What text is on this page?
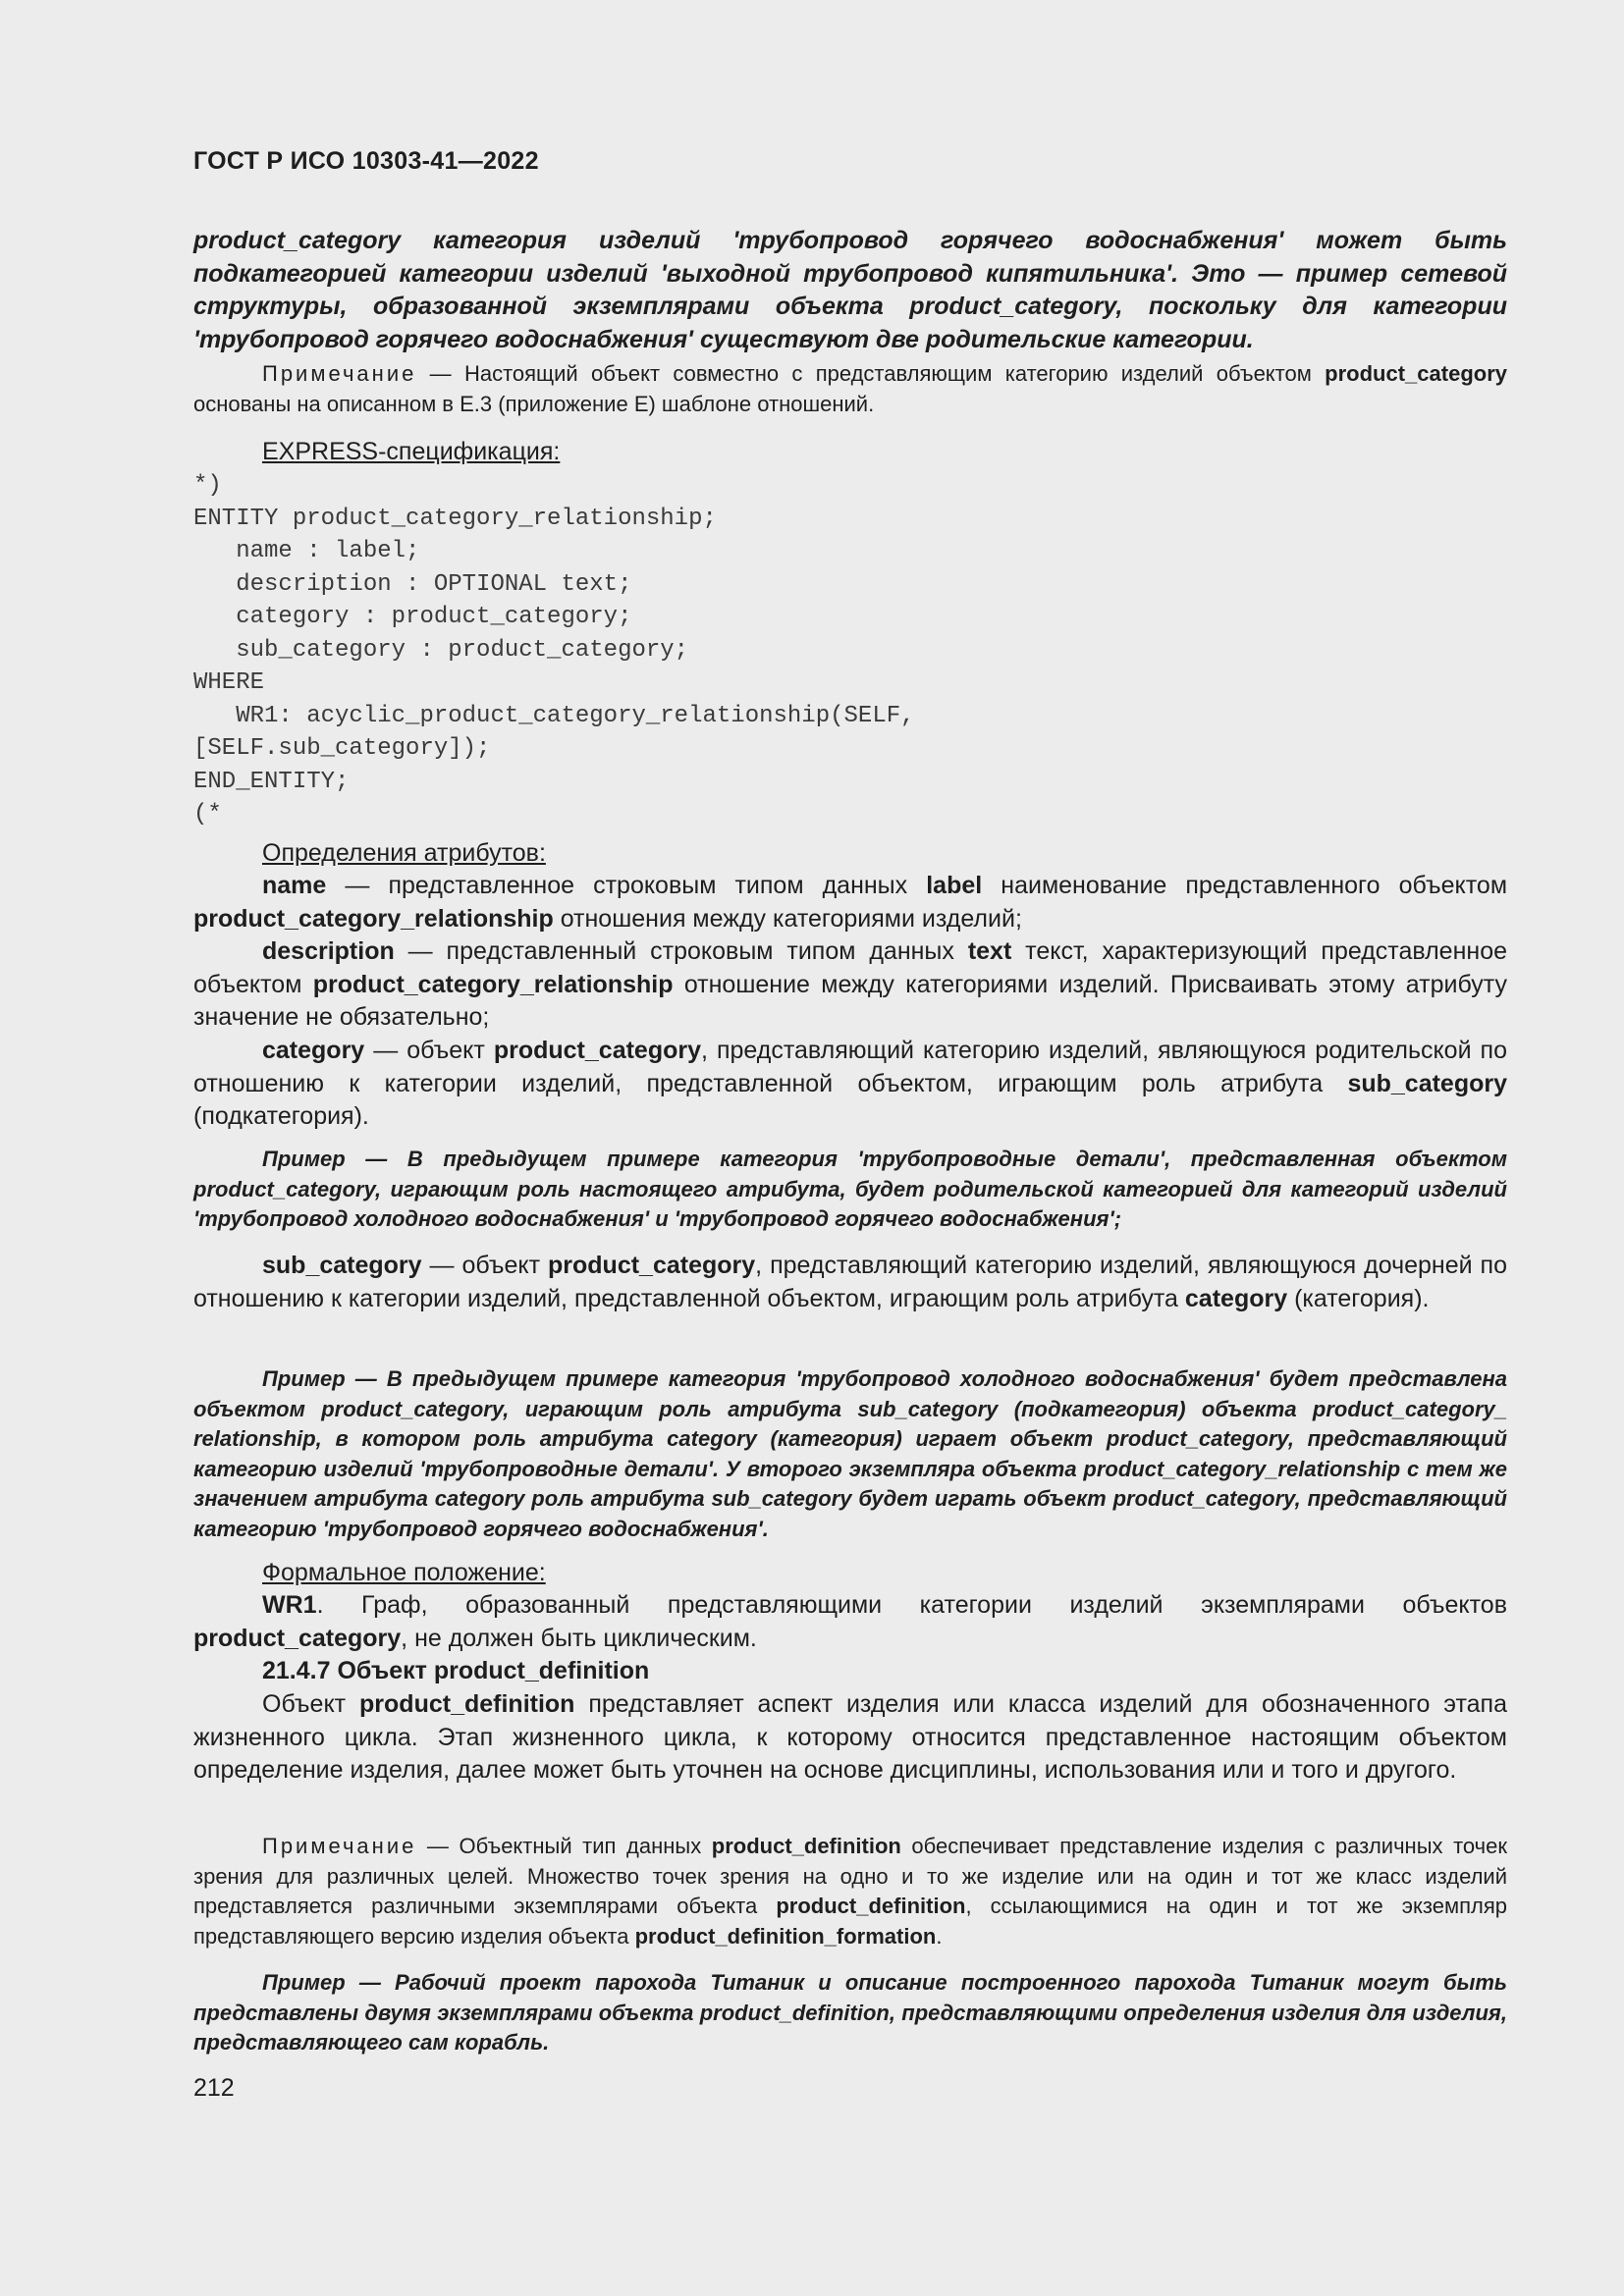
ГОСТ Р ИСО 10303-41—2022

product_category категория изделий 'трубопровод горячего водоснабжения' может быть подкатегорией категории изделий 'выходной трубопровод кипятильника'. Это — пример сетевой структуры, образованной экземплярами объекта product_category, поскольку для категории 'трубопровод горячего водоснабжения' существуют две родительские категории.

Примечание — Настоящий объект совместно с представляющим категорию изделий объектом product_category основаны на описанном в Е.3 (приложение Е) шаблоне отношений.

EXPRESS-спецификация:

*)
ENTITY product_category_relationship;
name : label;
description : OPTIONAL text;
category : product_category;
sub_category : product_category;
WHERE
WR1: acyclic_product_category_relationship(SELF,
[SELF.sub_category]);
END_ENTITY;
(*

Определения атрибутов:

name — представленное строковым типом данных label наименование представленного объектом product_category_relationship отношения между категориями изделий;

description — представленный строковым типом данных text текст, характеризующий представленное объектом product_category_relationship отношение между категориями изделий. Присваивать этому атрибуту значение не обязательно;

category — объект product_category, представляющий категорию изделий, являющуюся родительской по отношению к категории изделий, представленной объектом, играющим роль атрибута sub_category (подкатегория).

Пример — В предыдущем примере категория 'трубопроводные детали', представленная объектом product_category, играющим роль настоящего атрибута, будет родительской категорией для категорий изделий 'трубопровод холодного водоснабжения' и 'трубопровод горячего водоснабжения';

sub_category — объект product_category, представляющий категорию изделий, являющуюся дочерней по отношению к категории изделий, представленной объектом, играющим роль атрибута category (категория).

Пример — В предыдущем примере категория 'трубопровод холодного водоснабжения' будет представлена объектом product_category, играющим роль атрибута sub_category (подкатегория) объекта product_category_ relationship, в котором роль атрибута category (категория) играет объект product_category, представляющий категорию изделий 'трубопроводные детали'. У второго экземпляра объекта product_category_relationship с тем же значением атрибута category роль атрибута sub_category будет играть объект product_category, представляющий категорию 'трубопровод горячего водоснабжения'.

Формальное положение:

WR1. Граф, образованный представляющими категории изделий экземплярами объектов product_category, не должен быть циклическим.

21.4.7 Объект product_definition

Объект product_definition представляет аспект изделия или класса изделий для обозначенного этапа жизненного цикла. Этап жизненного цикла, к которому относится представленное настоящим объектом определение изделия, далее может быть уточнен на основе дисциплины, использования или и того и другого.

Примечание — Объектный тип данных product_definition обеспечивает представление изделия с различных точек зрения для различных целей. Множество точек зрения на одно и то же изделие или на один и тот же класс изделий представляется различными экземплярами объекта product_definition, ссылающимися на один и тот же экземпляр представляющего версию изделия объекта product_definition_formation.

Пример — Рабочий проект парохода Титаник и описание построенного парохода Титаник могут быть представлены двумя экземплярами объекта product_definition, представляющими определения изделия для изделия, представляющего сам корабль.

212
